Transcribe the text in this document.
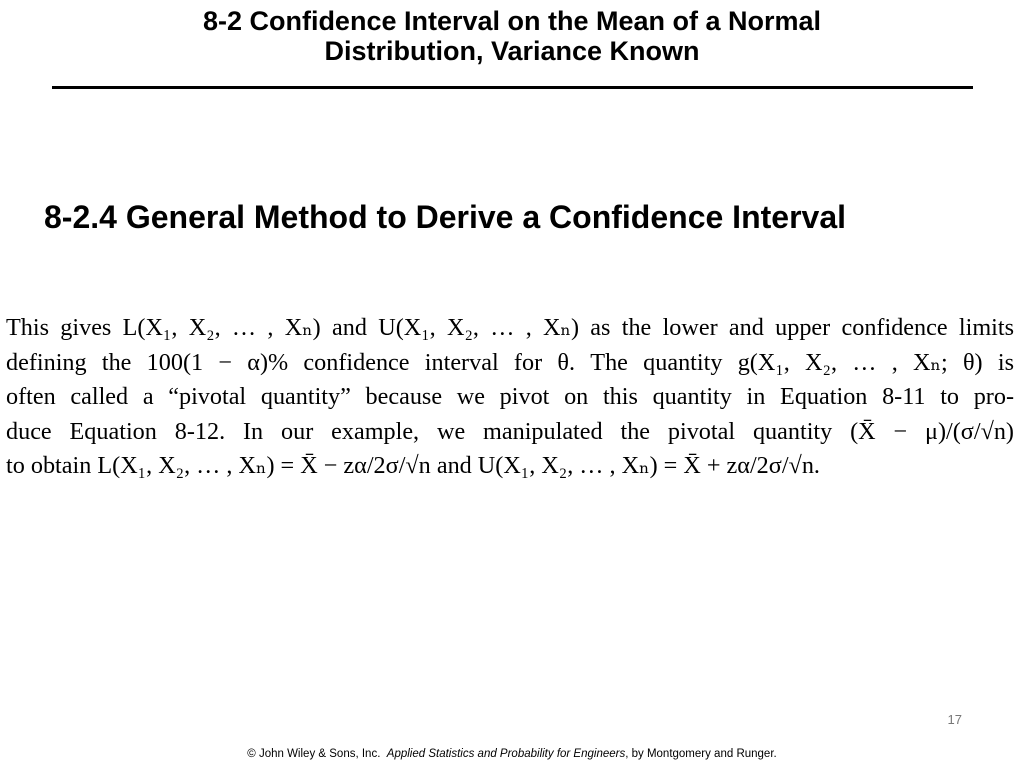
8-2 Confidence Interval on the Mean of a Normal
Distribution, Variance Known
8-2.4 General Method to Derive a Confidence Interval
This gives L(X₁, X₂, … , Xₙ) and U(X₁, X₂, … , Xₙ) as the lower and upper confidence limits
defining the 100(1 − α)% confidence interval for θ. The quantity g(X₁, X₂, … , Xₙ; θ) is
often called a “pivotal quantity” because we pivot on this quantity in Equation 8-11 to pro-
duce Equation 8-12. In our example, we manipulated the pivotal quantity (X̄ − μ)/(σ/√n)
to obtain L(X₁, X₂, … , Xₙ) = X̄ − zα/2σ/√n and U(X₁, X₂, … , Xₙ) = X̄ + zα/2σ/√n.
17
© John Wiley & Sons, Inc. Applied Statistics and Probability for Engineers, by Montgomery and Runger.
